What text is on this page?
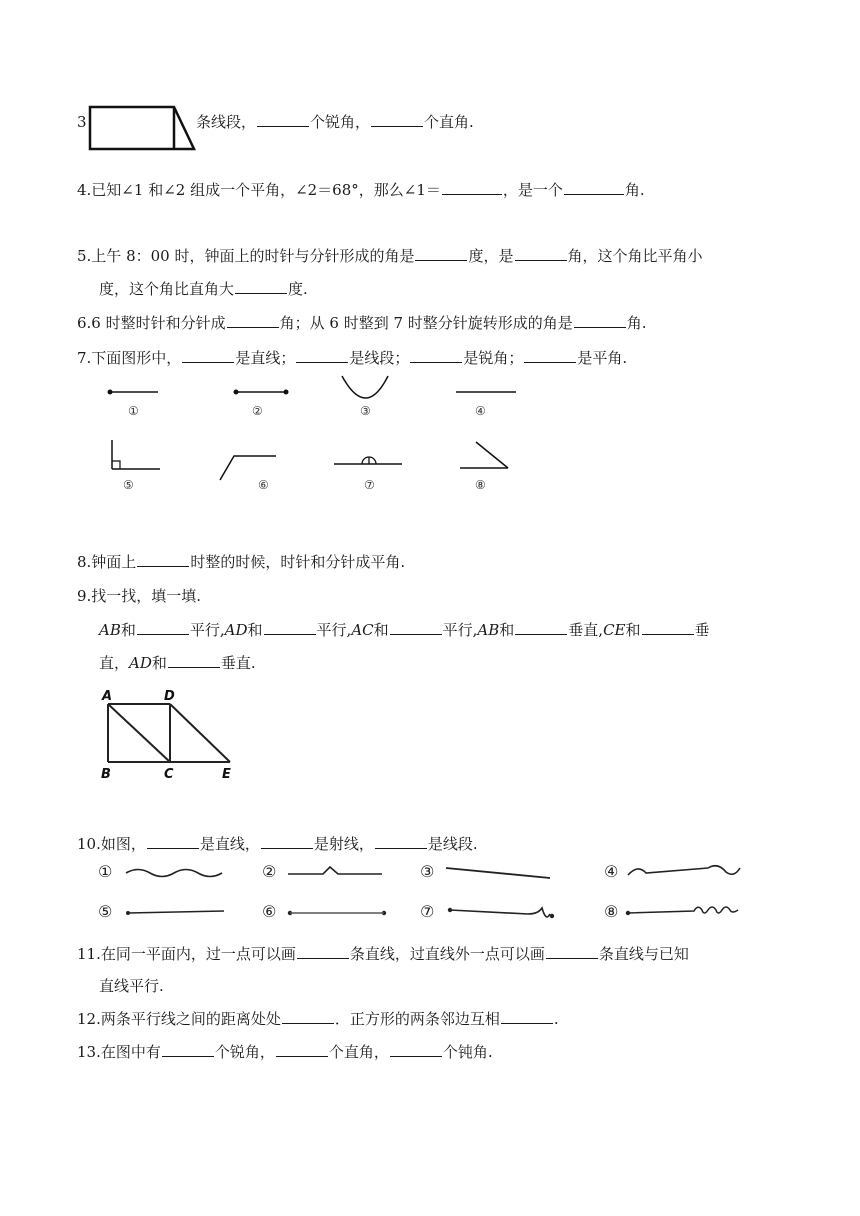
3	条线段，	个锐角，	个直角.
4.已知∠1 和∠2 组成一个平角，∠2＝68°，那么∠1＝	，是一个	角.
5.上午 8：00 时，钟面上的时针与分针形成的角是	度，是	角，这个角比平角小
度，这个角比直角大	度.
6.6 时整时针和分针成	角；从 6 时整到 7 时整分针旋转形成的角是	角.
7.下面图形中，	是直线；	是线段；	是锐角；	是平角.
①	②	③	④
⑤	⑥	⑦	⑧
8.钟面上	时整的时候，时针和分针成平角.
9.找一找，填一填.
AB和	平行,AD和	平行,AC和	平行,AB和	垂直,CE和	垂
直，AD和	垂直.
A	D
B	C	E
10.如图，	是直线，	是射线，	是线段.
①	②	③	④
⑤	⑥	⑦	⑧
11.在同一平面内，过一点可以画	条直线，过直线外一点可以画	条直线与已知
直线平行.
12.两条平行线之间的距离处处	．正方形的两条邻边互相	.
13.在图中有	个锐角，	个直角，	个钝角.
